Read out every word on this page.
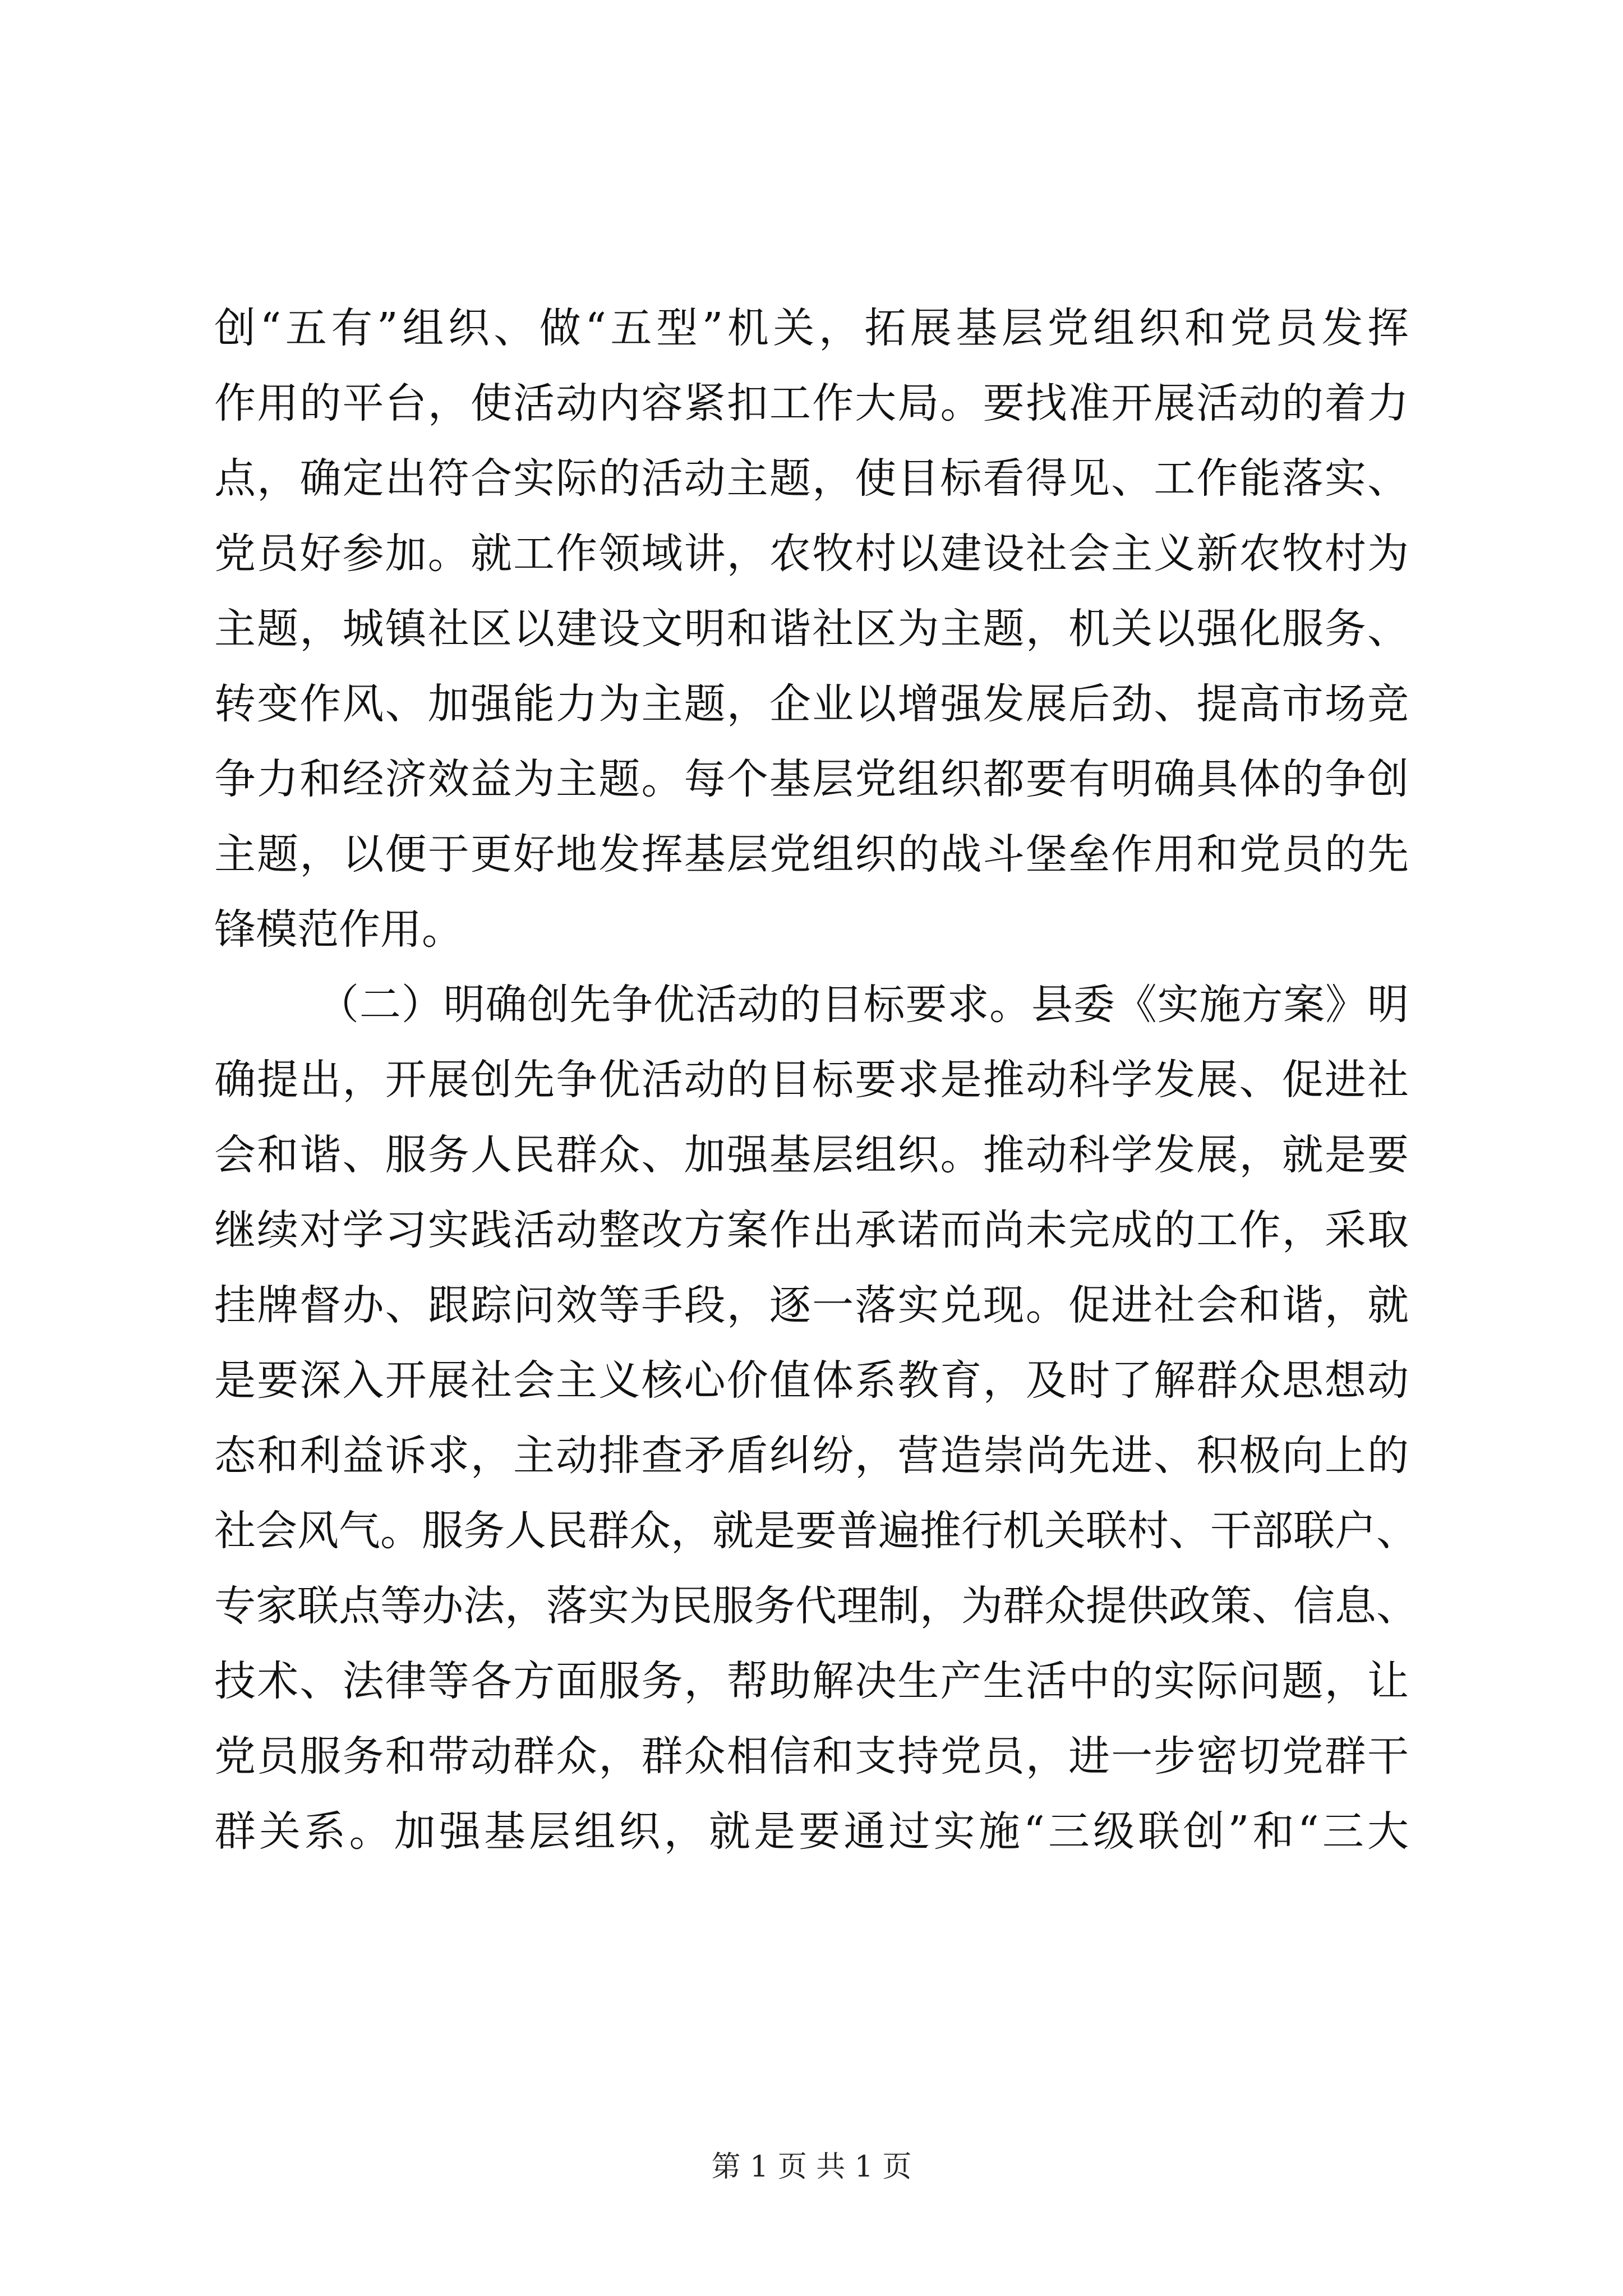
创“五有”组织、做“五型”机关，拓展基层党组织和党员发挥
作用的平台，使活动内容紧扣工作大局。要找准开展活动的着力
点，确定出符合实际的活动主题，使目标看得见、工作能落实、
党员好参加。就工作领域讲，农牧村以建设社会主义新农牧村为
主题，城镇社区以建设文明和谐社区为主题，机关以强化服务、
转变作风、加强能力为主题，企业以增强发展后劲、提高市场竞
争力和经济效益为主题。每个基层党组织都要有明确具体的争创
主题，以便于更好地发挥基层党组织的战斗堡垒作用和党员的先
锋模范作用。
（二）明确创先争优活动的目标要求。县委《实施方案》明
确提出，开展创先争优活动的目标要求是推动科学发展、促进社
会和谐、服务人民群众、加强基层组织。推动科学发展，就是要
继续对学习实践活动整改方案作出承诺而尚未完成的工作，采取
挂牌督办、跟踪问效等手段，逐一落实兑现。促进社会和谐，就
是要深入开展社会主义核心价值体系教育，及时了解群众思想动
态和利益诉求，主动排查矛盾纠纷，营造崇尚先进、积极向上的
社会风气。服务人民群众，就是要普遍推行机关联村、干部联户、
专家联点等办法，落实为民服务代理制，为群众提供政策、信息、
技术、法律等各方面服务，帮助解决生产生活中的实际问题，让
党员服务和带动群众，群众相信和支持党员，进一步密切党群干
群关系。加强基层组织，就是要通过实施“三级联创”和“三大
第 1 页 共 1 页
